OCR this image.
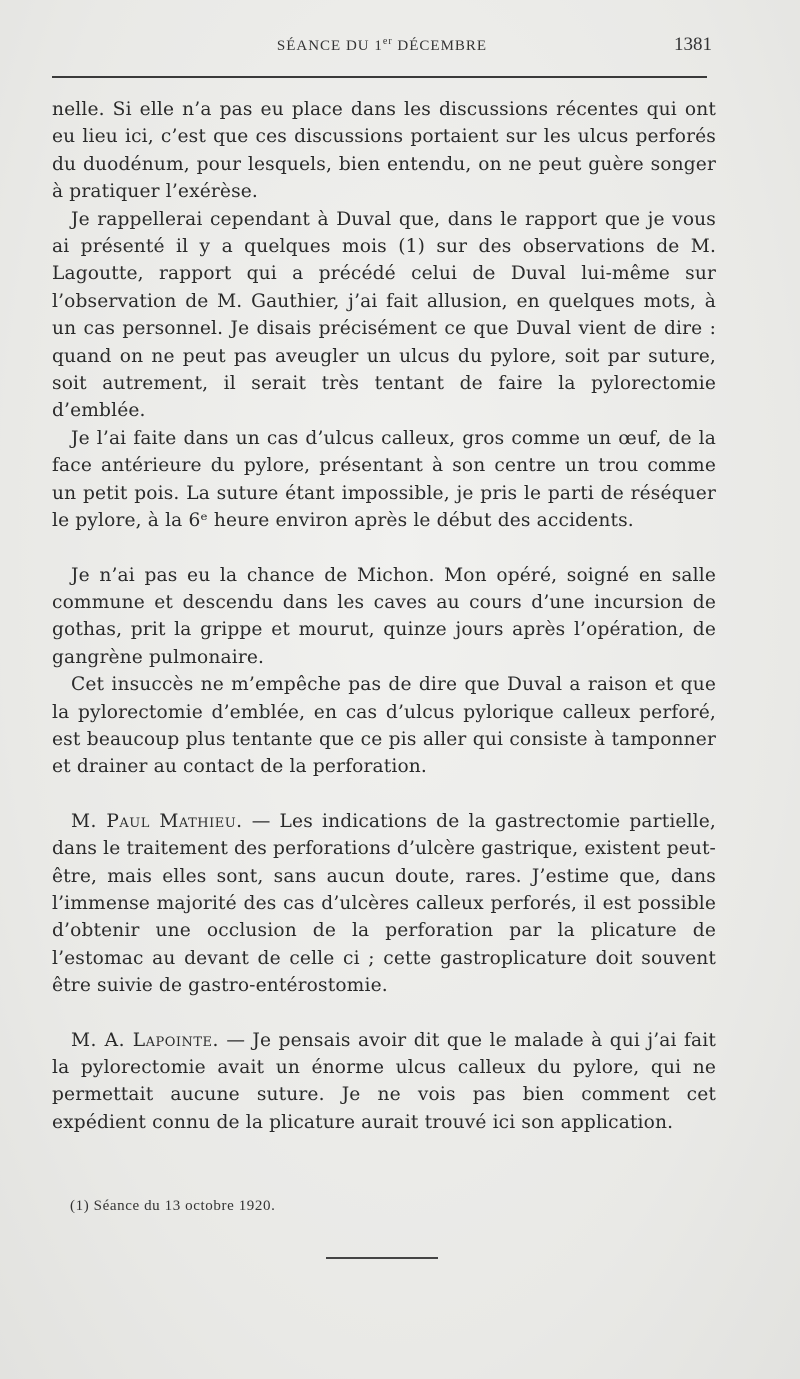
SÉANCE DU 1er DÉCEMBRE	1381

nelle. Si elle n’a pas eu place dans les discussions récentes qui ont eu lieu ici, c’est que ces discussions portaient sur les ulcus perforés du duodénum, pour lesquels, bien entendu, on ne peut guère songer à pratiquer l’exérèse.

Je rappellerai cependant à Duval que, dans le rapport que je vous ai présenté il y a quelques mois (1) sur des observations de M. Lagoutte, rapport qui a précédé celui de Duval lui-même sur l’observation de M. Gauthier, j’ai fait allusion, en quelques mots, à un cas personnel. Je disais précisément ce que Duval vient de dire : quand on ne peut pas aveugler un ulcus du pylore, soit par suture, soit autrement, il serait très tentant de faire la pylorectomie d’emblée.

Je l’ai faite dans un cas d’ulcus calleux, gros comme un œuf, de la face antérieure du pylore, présentant à son centre un trou comme un petit pois. La suture étant impossible, je pris le parti de réséquer le pylore, à la 6ᵉ heure environ après le début des accidents.

Je n’ai pas eu la chance de Michon. Mon opéré, soigné en salle commune et descendu dans les caves au cours d’une incursion de gothas, prit la grippe et mourut, quinze jours après l’opération, de gangrène pulmonaire.

Cet insuccès ne m’empêche pas de dire que Duval a raison et que la pylorectomie d’emblée, en cas d’ulcus pylorique calleux perforé, est beaucoup plus tentante que ce pis aller qui consiste à tamponner et drainer au contact de la perforation.

M. Paul Mathieu. — Les indications de la gastrectomie partielle, dans le traitement des perforations d’ulcère gastrique, existent peut-être, mais elles sont, sans aucun doute, rares. J’estime que, dans l’immense majorité des cas d’ulcères calleux perforés, il est possible d’obtenir une occlusion de la perforation par la plicature de l’estomac au devant de celle ci ; cette gastroplicature doit souvent être suivie de gastro-entérostomie.

M. A. Lapointe. — Je pensais avoir dit que le malade à qui j’ai fait la pylorectomie avait un énorme ulcus calleux du pylore, qui ne permettait aucune suture. Je ne vois pas bien comment cet expédient connu de la plicature aurait trouvé ici son application.

(1) Séance du 13 octobre 1920.
